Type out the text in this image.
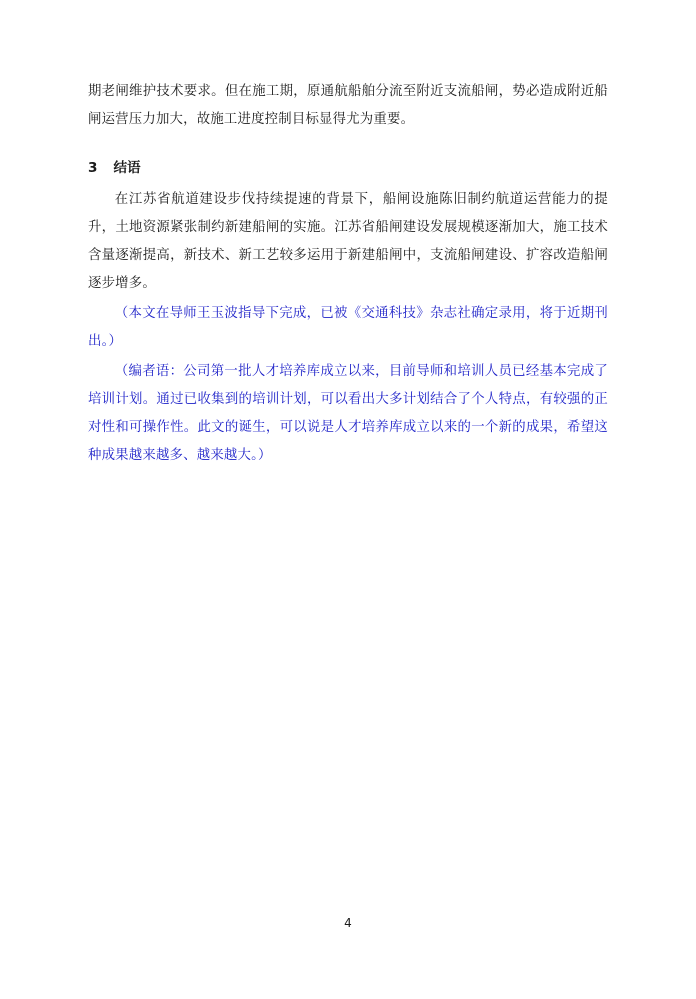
期老闸维护技术要求。但在施工期，原通航船舶分流至附近支流船闸，势必造成附近船闸运营压力加大，故施工进度控制目标显得尤为重要。

3 结语

在江苏省航道建设步伐持续提速的背景下，船闸设施陈旧制约航道运营能力的提升，土地资源紧张制约新建船闸的实施。江苏省船闸建设发展规模逐渐加大，施工技术含量逐渐提高，新技术、新工艺较多运用于新建船闸中，支流船闸建设、扩容改造船闸逐步增多。

（本文在导师王玉波指导下完成，已被《交通科技》杂志社确定录用，将于近期刊出。）

（编者语：公司第一批人才培养库成立以来，目前导师和培训人员已经基本完成了培训计划。通过已收集到的培训计划，可以看出大多计划结合了个人特点，有较强的正对性和可操作性。此文的诞生，可以说是人才培养库成立以来的一个新的成果，希望这种成果越来越多、越来越大。）

4
